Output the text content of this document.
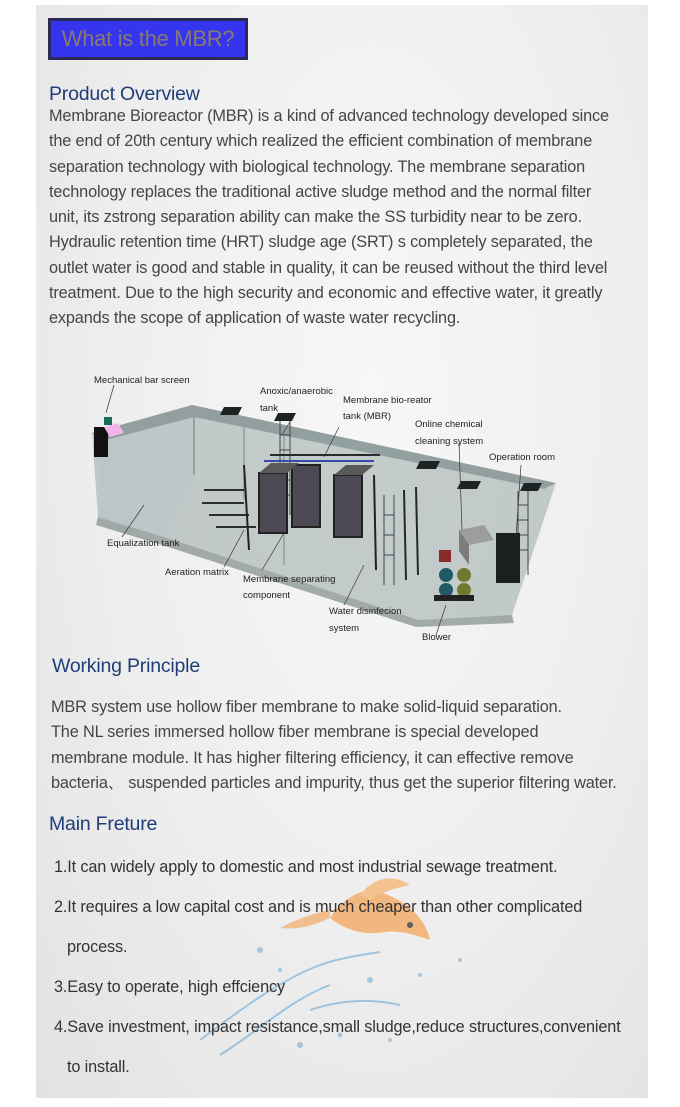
What is the MBR?
Product Overview
Membrane Bioreactor (MBR) is a kind of advanced technology developed since
the end of 20th century which realized the efficient combination of membrane
separation technology with biological technology. The membrane separation
technology replaces the traditional active sludge method and the normal filter
unit, its zstrong separation ability can make the SS turbidity near to be zero.
Hydraulic retention time (HRT) sludge age (SRT) s completely separated, the
outlet water is good and stable in quality, it can be reused without the third level
treatment. Due to the high security and economic and effective water, it greatly
expands the scope of application of waste water recycling.
Mechanical bar screen
Anoxic/anaerobic
tank
Membrane bio-reator
tank (MBR)
Online chemical
cleaning system
Operation room
Equalization tank
Aeration matrix
Membrane separating
component
Water disinfecion
system
Blower
Working Principle
MBR system use hollow fiber membrane to make solid-liquid separation.
The NL series immersed hollow fiber membrane is special developed
membrane module. It has higher filtering efficiency, it can effective remove
bacteria、 suspended particles and impurity, thus get the superior filtering water.
Main Freture
1.It can widely apply to domestic and most industrial sewage treatment.
2.It requires a low capital cost and is much cheaper than other complicated
process.
3.Easy to operate, high effciency
4.Save investment, impact resistance,small sludge,reduce structures,convenient
to install.
